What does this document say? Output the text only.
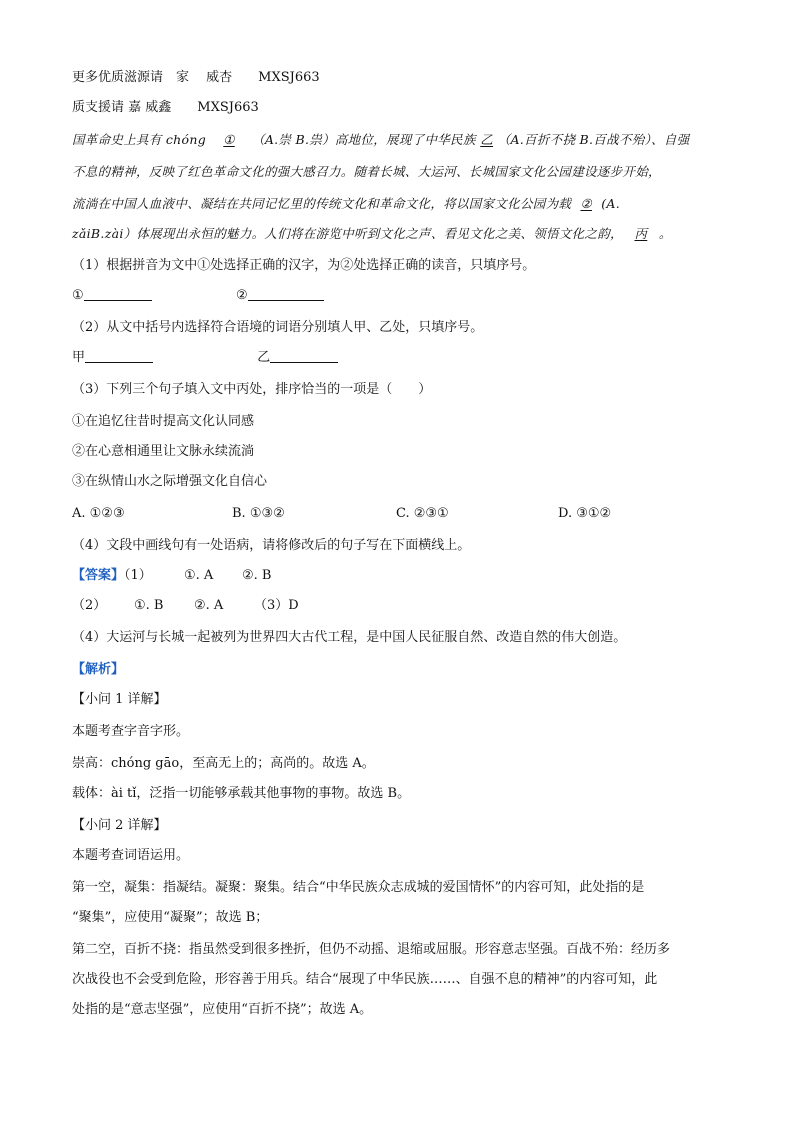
更多优质滋源请　家　 威杏　　MXSJ663
质支援请 嘉 威鑫　　MXSJ663
国革命史上具有 chóng ① （A.崇 B.祟）高地位，展现了中华民族 乙 （A.百折不挠 B.百战不殆）、自强
不息的精神，反映了红色革命文化的强大感召力。随着长城、大运河、长城国家文化公园建设逐步开始，
流淌在中国人血液中、凝结在共同记忆里的传统文化和革命文化，将以国家文化公园为载 ② (A.
zǎiB.zài）体展现出永恒的魅力。人们将在游览中听到文化之声、看见文化之美、领悟文化之韵， 丙 。
（1）根据拼音为文中①处选择正确的汉字，为②处选择正确的读音，只填序号。
①	②
（2）从文中括号内选择符合语境的词语分别填人甲、乙处，只填序号。
甲	乙
（3）下列三个句子填入文中丙处，排序恰当的一项是（　　）
①在追忆往昔时提高文化认同感
②在心意相通里让文脉永续流淌
③在纵情山水之际增强文化自信心
A. ①②③	B. ①③②	C. ②③①	D. ③①②
（4）文段中画线句有一处语病，请将修改后的句子写在下面横线上。
【答案】（1） ①. A ②. B
（2） ①. B ②. A （3）D
（4）大运河与长城一起被列为世界四大古代工程，是中国人民征服自然、改造自然的伟大创造。
【解析】
【小问 1 详解】
本题考查字音字形。
崇高：chóng gāo，至高无上的；高尚的。故选 A。
载体：ài tǐ，泛指一切能够承载其他事物的事物。故选 B。
【小问 2 详解】
本题考查词语运用。
第一空，凝集：指凝结。凝聚：聚集。结合“中华民族众志成城的爱国情怀”的内容可知，此处指的是
“聚集”，应使用“凝聚”；故选 B；
第二空，百折不挠：指虽然受到很多挫折，但仍不动摇、退缩或屈服。形容意志坚强。百战不殆：经历多
次战役也不会受到危险，形容善于用兵。结合“展现了中华民族……、自强不息的精神”的内容可知，此
处指的是“意志坚强”，应使用“百折不挠”；故选 A。
